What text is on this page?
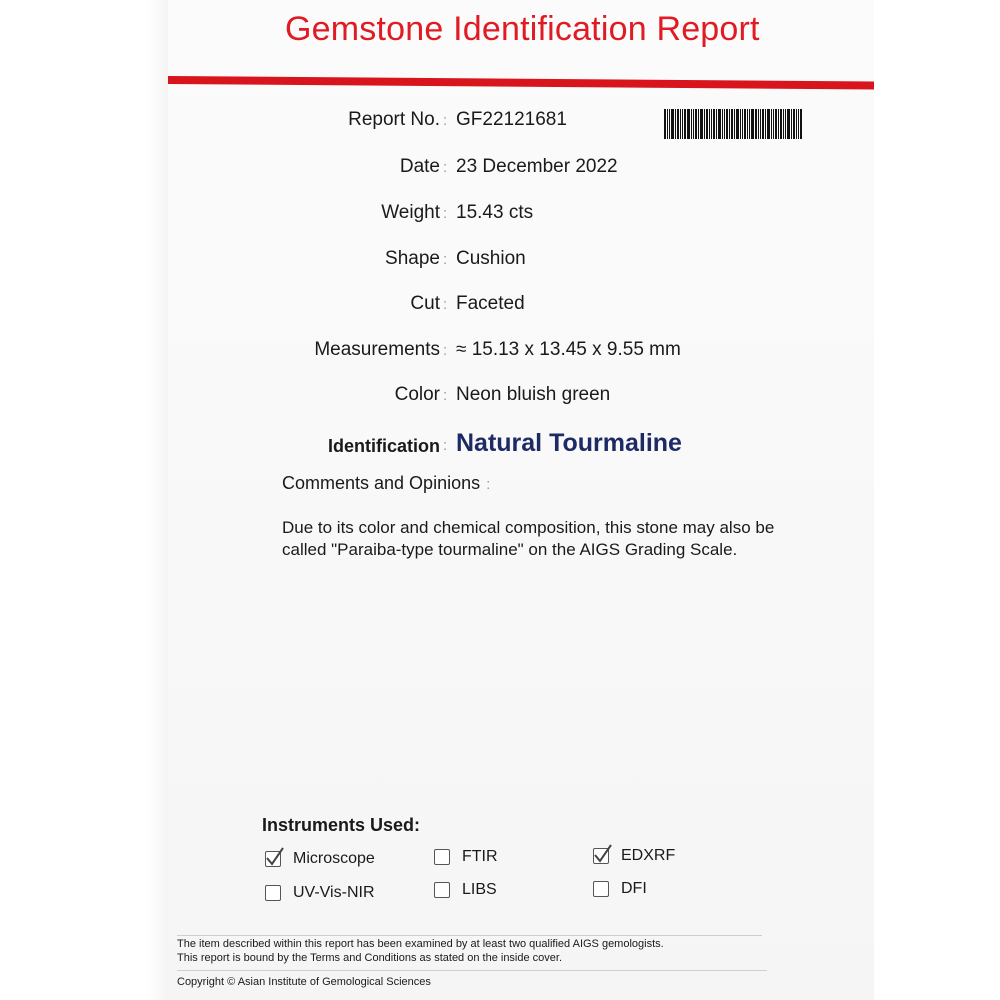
Gemstone Identification Report
Report No. : GF22121681
Date : 23 December 2022
Weight : 15.43 cts
Shape : Cushion
Cut : Faceted
Measurements : ≈ 15.13 x 13.45 x 9.55 mm
Color : Neon bluish green
Identification : Natural Tourmaline
Comments and Opinions :
Due to its color and chemical composition, this stone may also be called "Paraiba-type tourmaline" on the AIGS Grading Scale.
Instruments Used:
Microscope	FTIR	EDXRF
UV-Vis-NIR	LIBS	DFI
The item described within this report has been examined by at least two qualified AIGS gemologists.
This report is bound by the Terms and Conditions as stated on the inside cover.
Copyright © Asian Institute of Gemological Sciences
